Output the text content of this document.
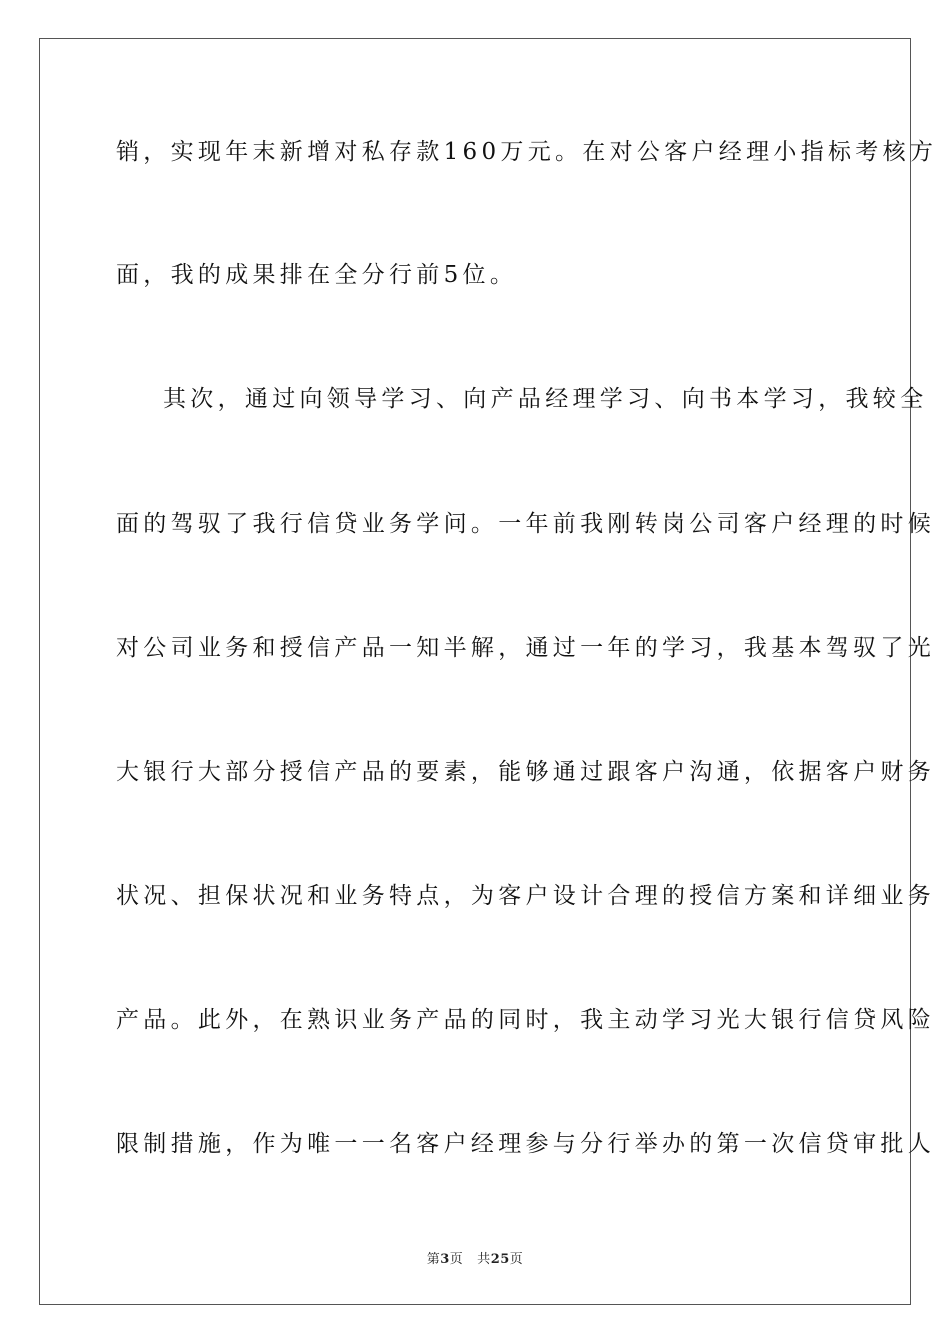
销，实现年末新增对私存款160万元。在对公客户经理小指标考核方

面，我的成果排在全分行前5位。

其次，通过向领导学习、向产品经理学习、向书本学习，我较全

面的驾驭了我行信贷业务学问。一年前我刚转岗公司客户经理的时候

对公司业务和授信产品一知半解，通过一年的学习，我基本驾驭了光

大银行大部分授信产品的要素，能够通过跟客户沟通，依据客户财务

状况、担保状况和业务特点，为客户设计合理的授信方案和详细业务

产品。此外，在熟识业务产品的同时，我主动学习光大银行信贷风险

限制措施，作为唯一一名客户经理参与分行举办的第一次信贷审批人

第3页 共25页
